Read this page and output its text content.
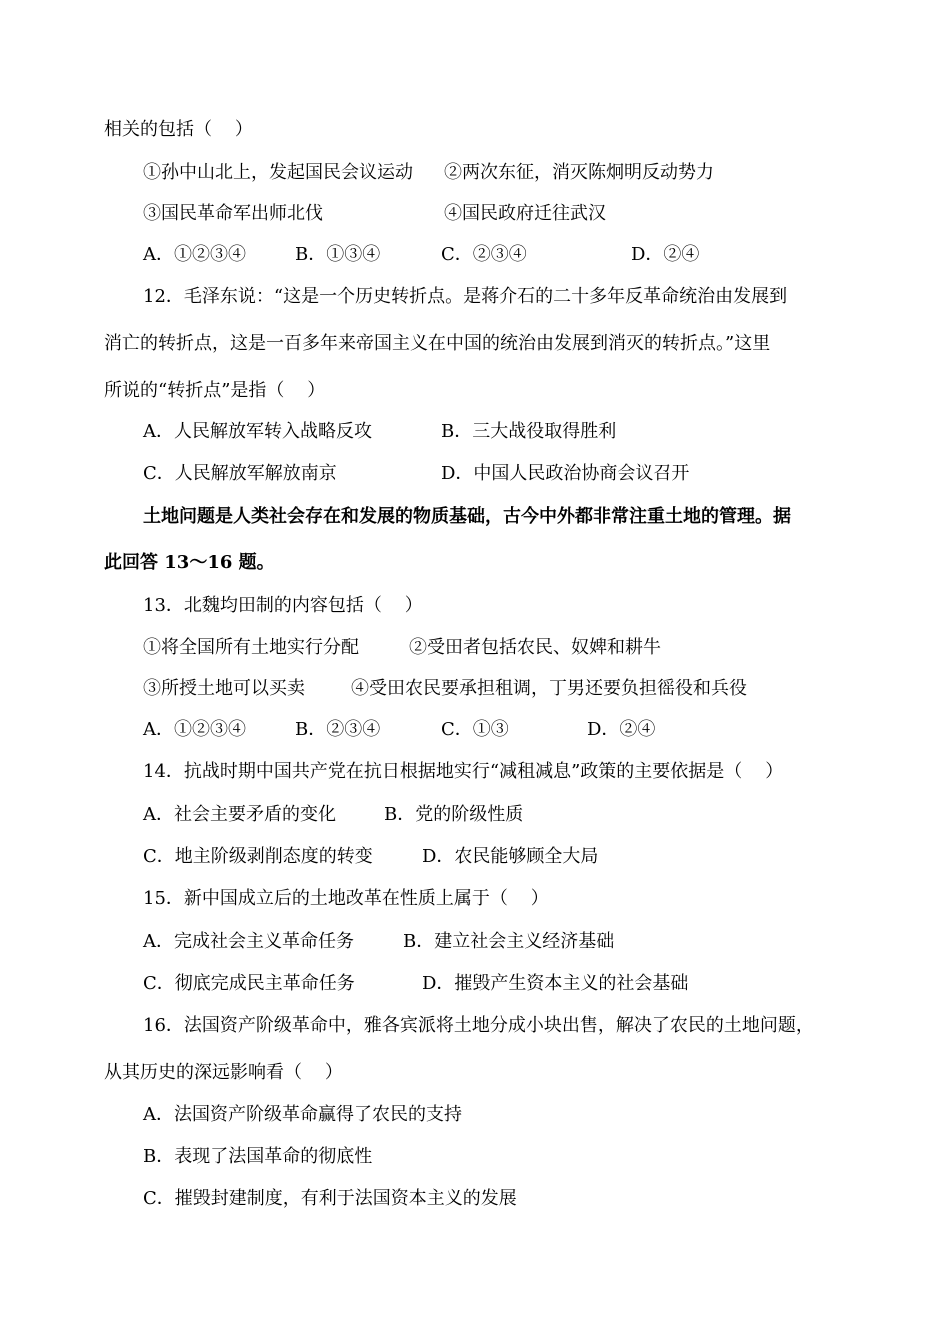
相关的包括（    ）
①孙中山北上，发起国民会议运动 ②两次东征，消灭陈炯明反动势力
③国民革命军出师北伐	④国民政府迁往武汉
A．①②③④	B．①③④	C．②③④	D．②④
12．毛泽东说：“这是一个历史转折点。是蒋介石的二十多年反革命统治由发展到
消亡的转折点，这是一百多年来帝国主义在中国的统治由发展到消灭的转折点。”这里
所说的“转折点”是指（    ）
A．人民解放军转入战略反攻	B．三大战役取得胜利
C．人民解放军解放南京	D．中国人民政治协商会议召开
土地问题是人类社会存在和发展的物质基础，古今中外都非常注重土地的管理。据
此回答 13～16 题。
13．北魏均田制的内容包括（    ）
①将全国所有土地实行分配	②受田者包括农民、奴婢和耕牛
③所授土地可以买卖	④受田农民要承担租调，丁男还要负担徭役和兵役
A．①②③④	B．②③④	C．①③	D．②④
14．抗战时期中国共产党在抗日根据地实行“减租减息”政策的主要依据是（    ）
A．社会主要矛盾的变化	B．党的阶级性质
C．地主阶级剥削态度的转变	D．农民能够顾全大局
15．新中国成立后的土地改革在性质上属于（    ）
A．完成社会主义革命任务	B．建立社会主义经济基础
C．彻底完成民主革命任务	D．摧毁产生资本主义的社会基础
16．法国资产阶级革命中，雅各宾派将土地分成小块出售，解决了农民的土地问题，
从其历史的深远影响看（    ）
A．法国资产阶级革命赢得了农民的支持
B．表现了法国革命的彻底性
C．摧毁封建制度，有利于法国资本主义的发展
